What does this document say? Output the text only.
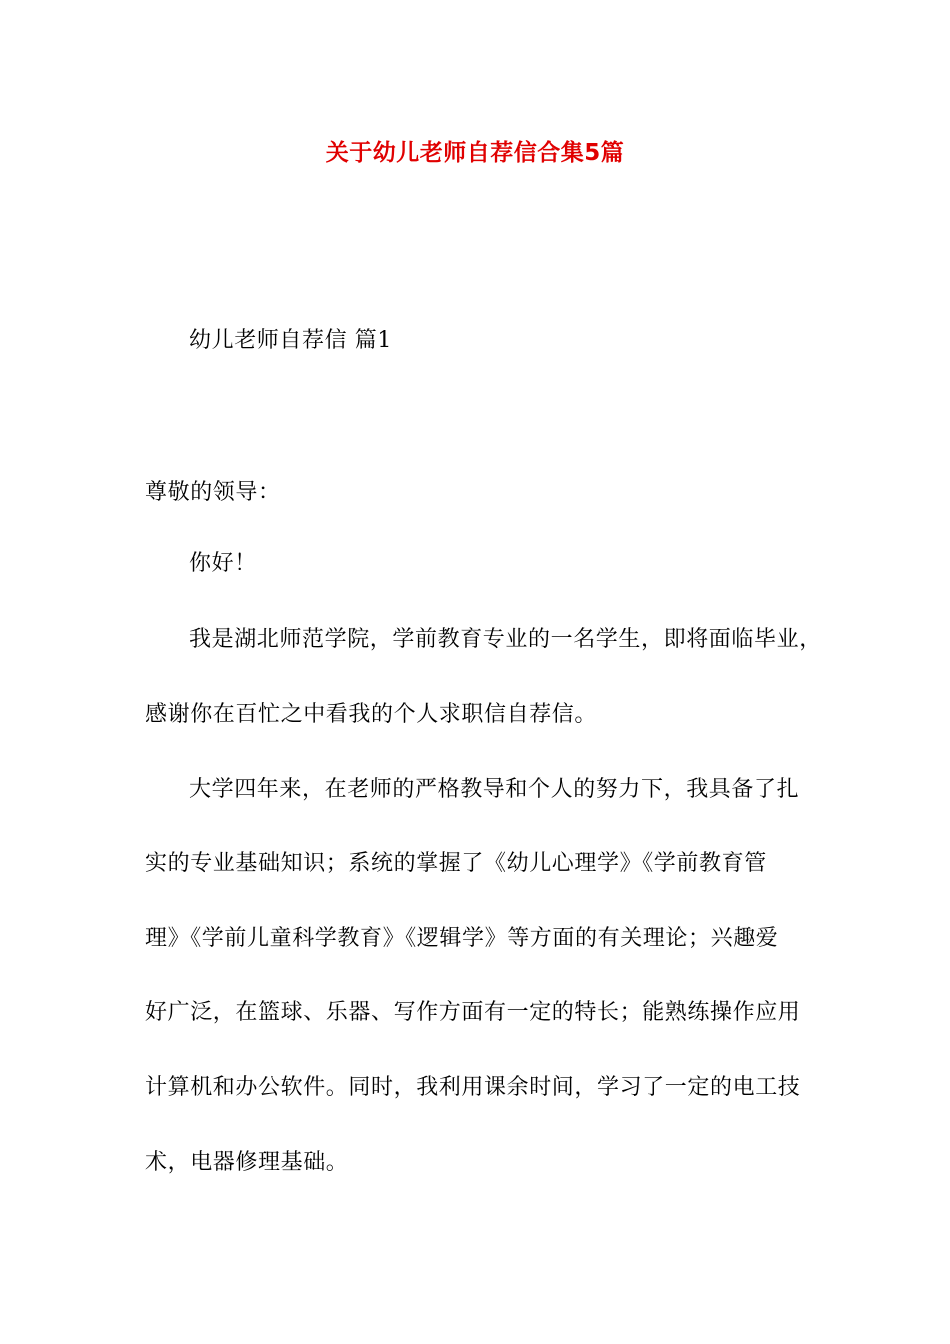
关于幼儿老师自荐信合集5篇
幼儿老师自荐信 篇1
尊敬的领导：
你好！
我是湖北师范学院，学前教育专业的一名学生，即将面临毕业，
感谢你在百忙之中看我的个人求职信自荐信。
大学四年来，在老师的严格教导和个人的努力下，我具备了扎
实的专业基础知识；系统的掌握了《幼儿心理学》《学前教育管
理》《学前儿童科学教育》《逻辑学》等方面的有关理论；兴趣爱
好广泛，在篮球、乐器、写作方面有一定的特长；能熟练操作应用
计算机和办公软件。同时，我利用课余时间，学习了一定的电工技
术，电器修理基础。
